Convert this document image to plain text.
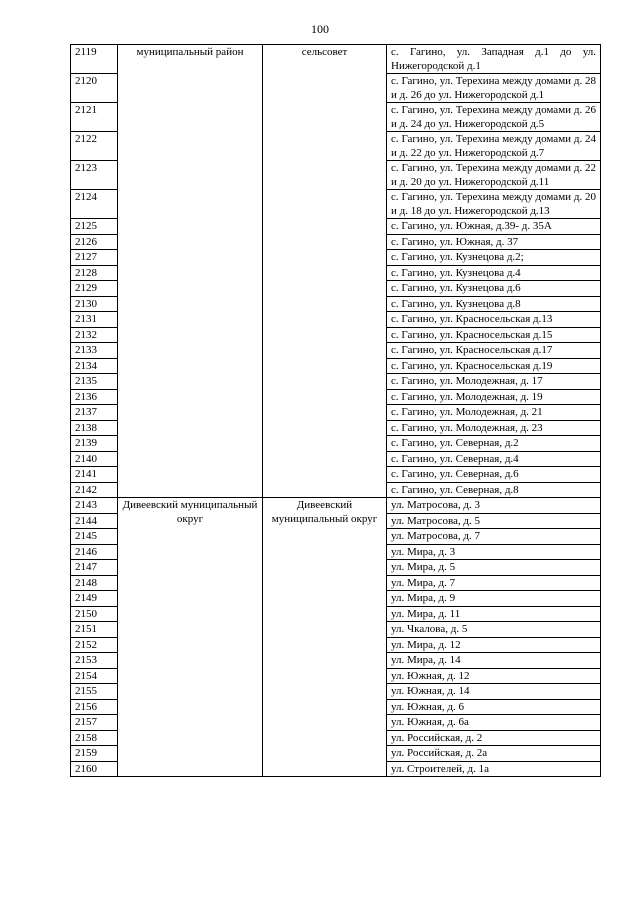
100
2119	муниципальный район	сельсовет	с. Гагино, ул. Западная д.1 до ул. Нижегородской д.1
2120			с. Гагино, ул. Терехина между домами д. 28 и д. 26 до ул. Нижегородской д.1
2121			с. Гагино, ул. Терехина между домами д. 26 и д. 24 до ул. Нижегородской д.5
2122			с. Гагино, ул. Терехина между домами д. 24 и д. 22 до ул. Нижегородской д.7
2123			с. Гагино, ул. Терехина между домами д. 22 и д. 20 до ул. Нижегородской д.11
2124			с. Гагино, ул. Терехина между домами д. 20 и д. 18 до ул. Нижегородской д.13
2125			с. Гагино, ул. Южная, д.39- д. 35А
2126			с. Гагино, ул. Южная, д. 37
2127			с. Гагино, ул. Кузнецова д.2;
2128			с. Гагино, ул. Кузнецова д.4
2129			с. Гагино, ул. Кузнецова д.6
2130			с. Гагино, ул. Кузнецова д.8
2131			с. Гагино, ул. Красносельская д.13
2132			с. Гагино, ул. Красносельская д.15
2133			с. Гагино, ул. Красносельская д.17
2134			с. Гагино, ул. Красносельская д.19
2135			с. Гагино, ул. Молодежная, д. 17
2136			с. Гагино, ул. Молодежная, д. 19
2137			с. Гагино, ул. Молодежная, д. 21
2138			с. Гагино, ул. Молодежная, д. 23
2139			с. Гагино, ул. Северная, д.2
2140			с. Гагино, ул. Северная, д.4
2141			с. Гагино, ул. Северная, д.6
2142			с. Гагино, ул. Северная, д.8
2143	Дивеевский муниципальный округ	Дивеевский муниципальный округ	ул. Матросова, д. 3
2144			ул. Матросова, д. 5
2145			ул. Матросова, д. 7
2146			ул. Мира, д. 3
2147			ул. Мира, д. 5
2148			ул. Мира, д. 7
2149			ул. Мира, д. 9
2150			ул. Мира, д. 11
2151			ул. Чкалова, д. 5
2152			ул. Мира, д. 12
2153			ул. Мира, д. 14
2154			ул. Южная, д. 12
2155			ул. Южная, д. 14
2156			ул. Южная, д. 6
2157			ул. Южная, д. 6а
2158			ул. Российская, д. 2
2159			ул. Российская, д. 2а
2160			ул. Строителей, д. 1а
